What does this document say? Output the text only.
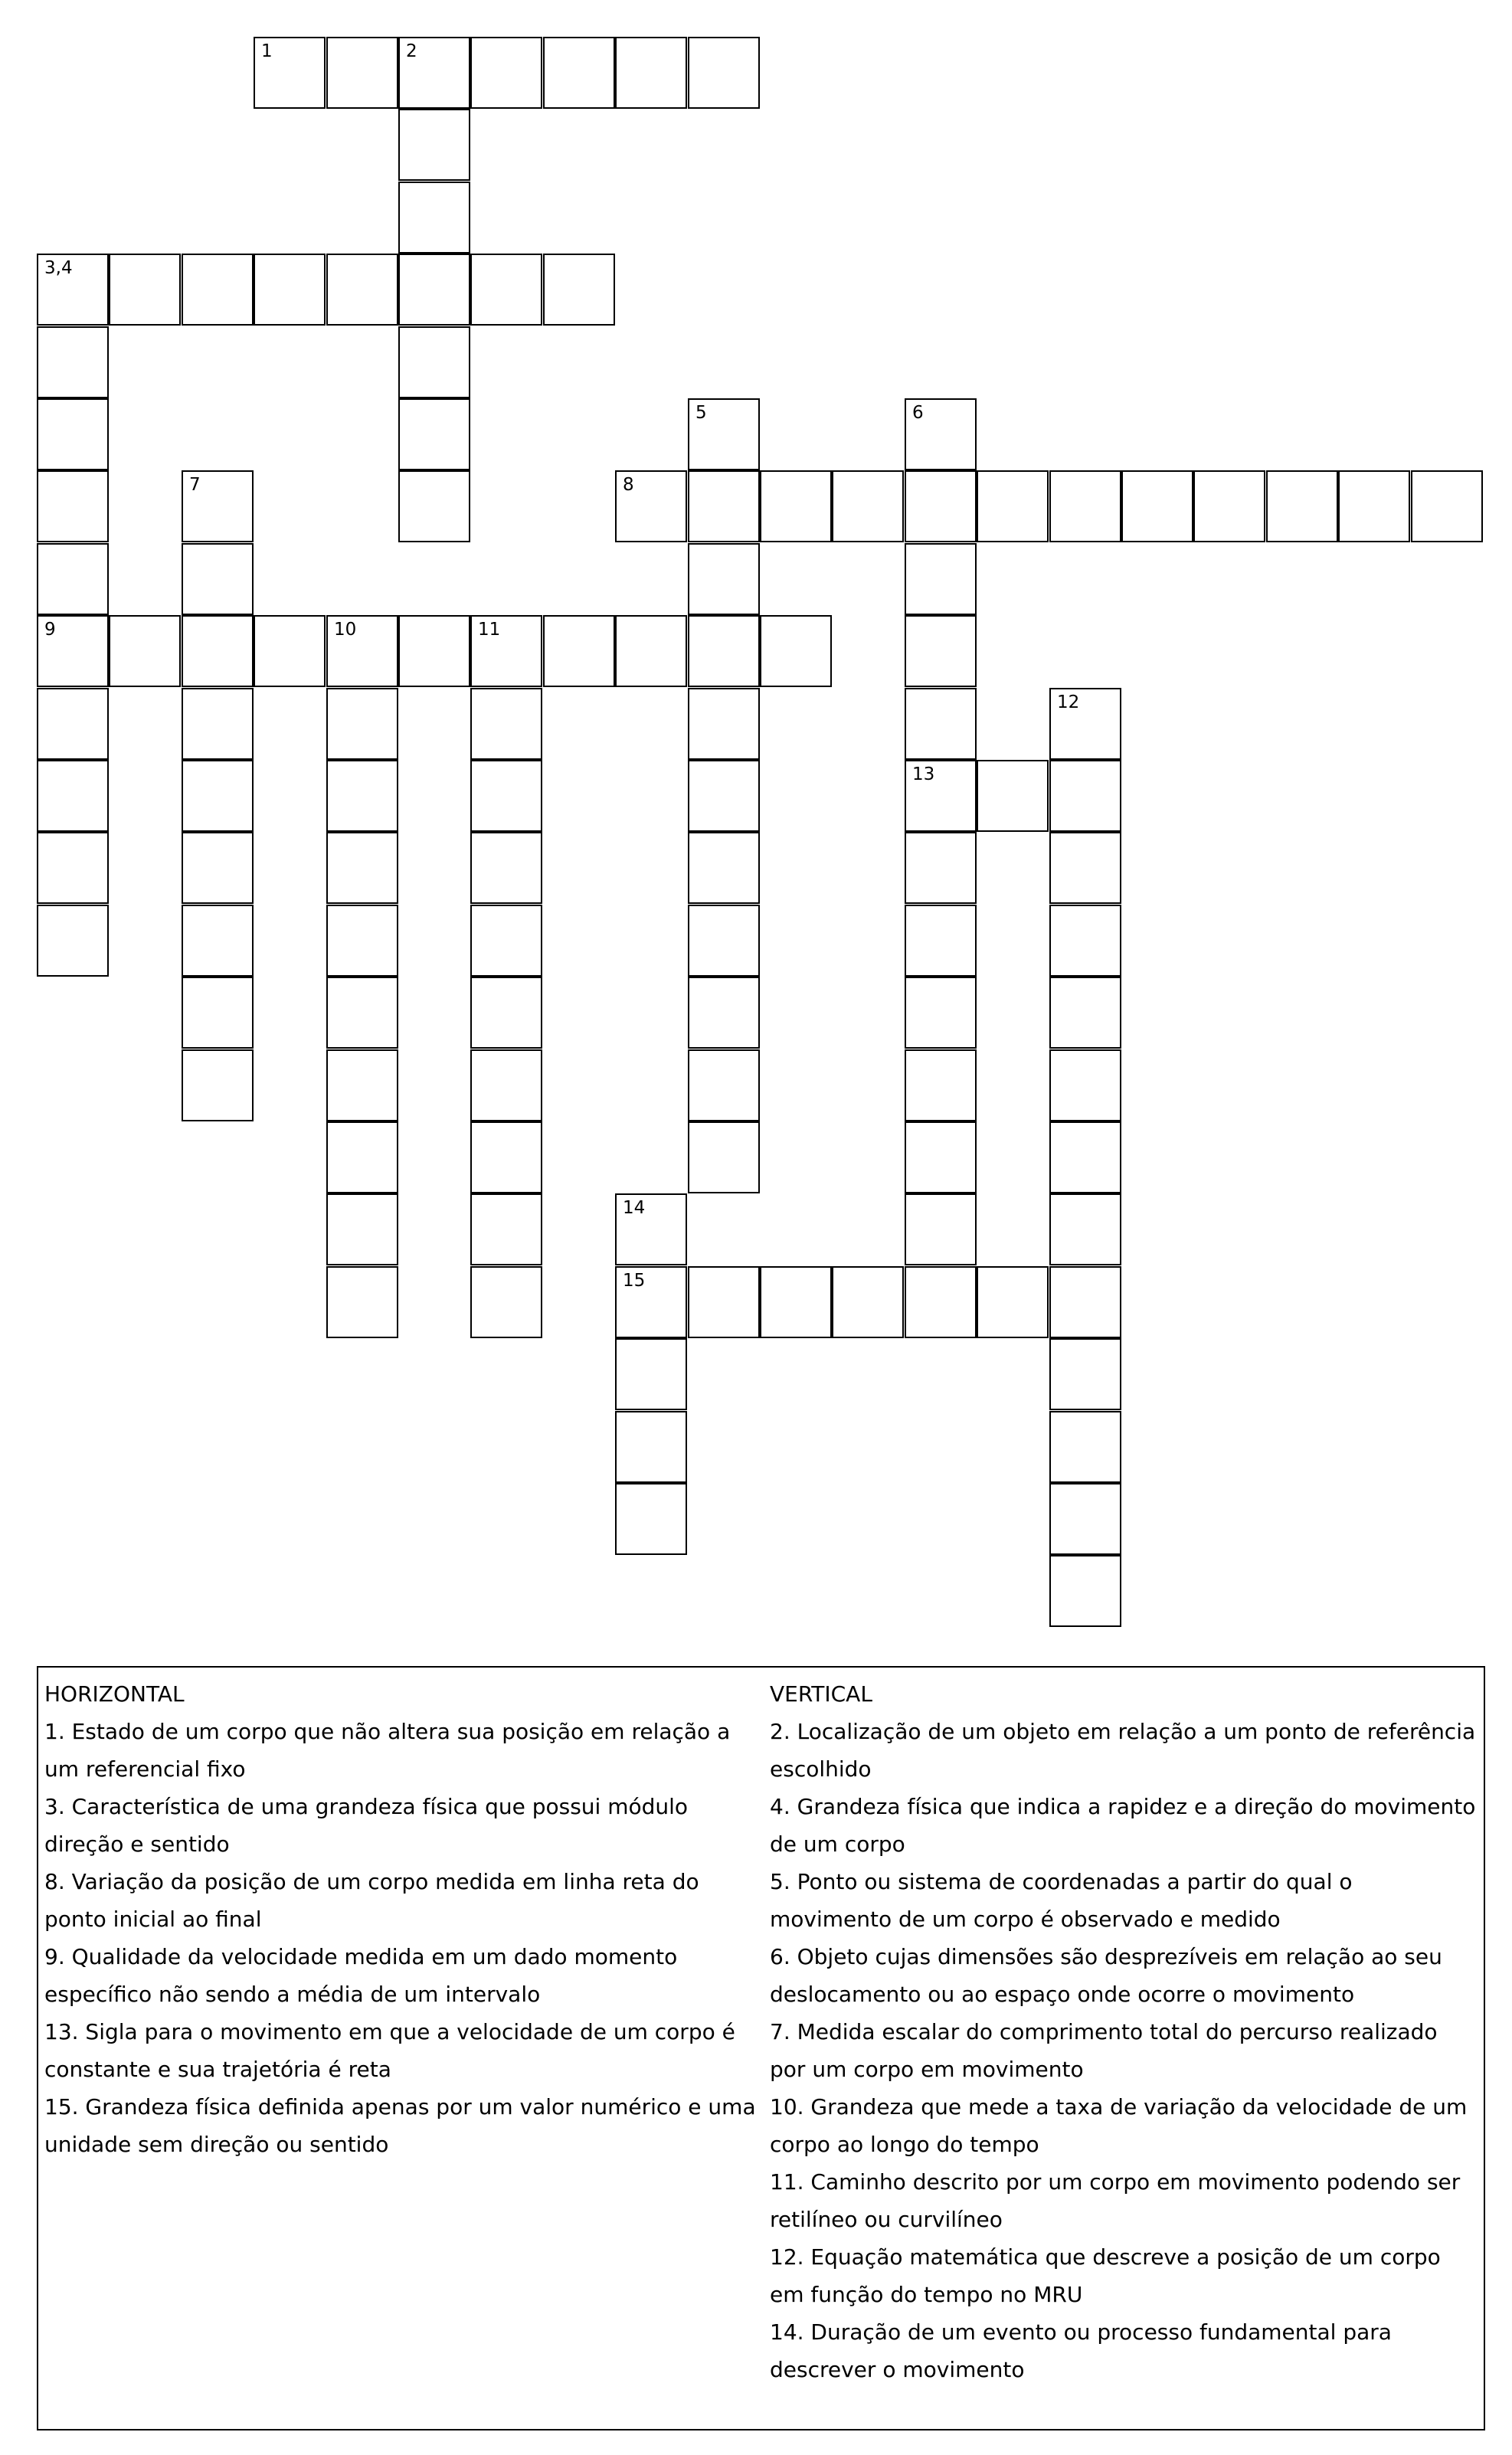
1	2
3,4
9
5	6
13
7	8
10	11
12
14
15
HORIZONTAL
1. Estado de um corpo que não altera sua posição em relação a um referencial fixo
3. Característica de uma grandeza física que possui módulo direção e sentido
8. Variação da posição de um corpo medida em linha reta do ponto inicial ao final
9. Qualidade da velocidade medida em um dado momento específico não sendo a média de um intervalo
13. Sigla para o movimento em que a velocidade de um corpo é constante e sua trajetória é reta
15. Grandeza física definida apenas por um valor numérico e uma unidade sem direção ou sentido
VERTICAL
2. Localização de um objeto em relação a um ponto de referência escolhido
4. Grandeza física que indica a rapidez e a direção do movimento de um corpo
5. Ponto ou sistema de coordenadas a partir do qual o movimento de um corpo é observado e medido
6. Objeto cujas dimensões são desprezíveis em relação ao seu deslocamento ou ao espaço onde ocorre o movimento
7. Medida escalar do comprimento total do percurso realizado por um corpo em movimento
10. Grandeza que mede a taxa de variação da velocidade de um corpo ao longo do tempo
11. Caminho descrito por um corpo em movimento podendo ser retilíneo ou curvilíneo
12. Equação matemática que descreve a posição de um corpo em função do tempo no MRU
14. Duração de um evento ou processo fundamental para descrever o movimento
